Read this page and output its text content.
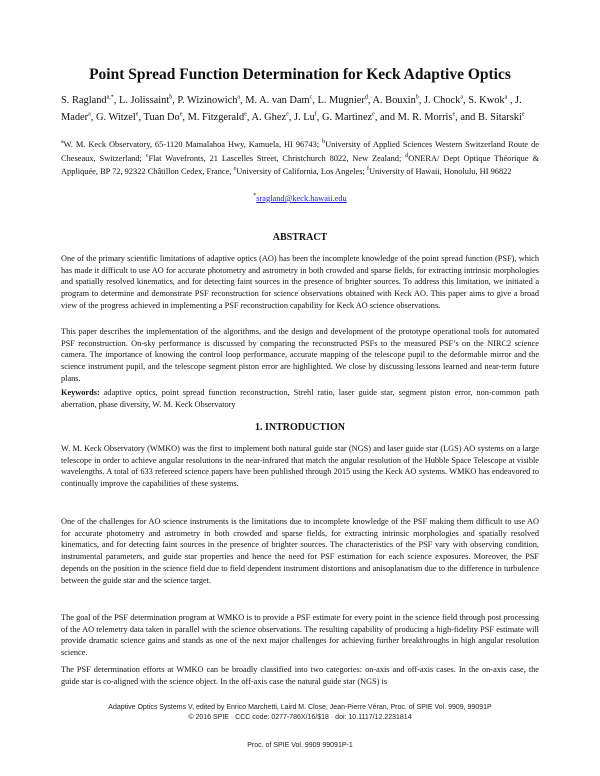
Point Spread Function Determination for Keck Adaptive Optics
S. Ragland$^{a,*}$, L. Jolissaint$^b$, P. Wizinowich$^a$, M. A. van Dam$^c$, L. Mugnier$^d$, A. Bouxin$^b$, J. Chock$^a$, S. Kwok$^a$ , J. Mader$^a$, G. Witzel$^e$, Tuan Do$^e$, M. Fitzgerald$^e$, A. Ghez$^e$, J. Lu$^f$, G. Martinez$^e$, and M. R. Morris$^e$, and B. Sitarski$^e$
$^a$W. M. Keck Observatory, 65-1120 Mamalahoa Hwy, Kamuela, HI 96743; $^b$University of Applied Sciences Western Switzerland Route de Cheseaux, Switzerland; $^c$Flat Wavefronts, 21 Lascelles Street, Christchurch 8022, New Zealand; $^d$ONERA/ Dept Optique Théorique & Appliquée, BP 72, 92322 Châtillon Cedex, France, $^e$University of California, Los Angeles; $^f$University of Hawaii, Honolulu, HI 96822
*sragland@keck.hawaii.edu
ABSTRACT
One of the primary scientific limitations of adaptive optics (AO) has been the incomplete knowledge of the point spread function (PSF), which has made it difficult to use AO for accurate photometry and astrometry in both crowded and sparse fields, for extracting intrinsic morphologies and spatially resolved kinematics, and for detecting faint sources in the presence of brighter sources. To address this limitation, we initiated a program to determine and demonstrate PSF reconstruction for science observations obtained with Keck AO. This paper aims to give a broad view of the progress achieved in implementing a PSF reconstruction capability for Keck AO science observations.
This paper describes the implementation of the algorithms, and the design and development of the prototype operational tools for automated PSF reconstruction. On-sky performance is discussed by comparing the reconstructed PSFs to the measured PSF’s on the NIRC2 science camera. The importance of knowing the control loop performance, accurate mapping of the telescope pupil to the deformable mirror and the science instrument pupil, and the telescope segment piston error are highlighted. We close by discussing lessons learned and near-term future plans.
Keywords: adaptive optics, point spread function reconstruction, Strehl ratio, laser guide star, segment piston error, non-common path aberration, phase diversity, W. M. Keck Observatory
1. INTRODUCTION
W. M. Keck Observatory (WMKO) was the first to implement both natural guide star (NGS) and laser guide star (LGS) AO systems on a large telescope in order to achieve angular resolutions in the near-infrared that match the angular resolution of the Hubble Space Telescope at visible wavelengths. A total of 633 refereed science papers have been published through 2015 using the Keck AO systems. WMKO has endeavored to continually improve the capabilities of these systems.
One of the challenges for AO science instruments is the limitations due to incomplete knowledge of the PSF making them difficult to use AO for accurate photometry and astrometry in both crowded and sparse fields, for extracting intrinsic morphologies and spatially resolved kinematics, and for detecting faint sources in the presence of brighter sources. The characteristics of the PSF vary with observing condition, instrumental parameters, and guide star properties and hence the need for PSF estimation for each science exposures. Moreover, the PSF depends on the position in the science field due to field dependent instrument distortions and anisoplanatism due to the difference in turbulence between the guide star and the science target.
The goal of the PSF determination program at WMKO is to provide a PSF estimate for every point in the science field through post processing of the AO telemetry data taken in parallel with the science observations. The resulting capability of producing a high-fidelity PSF estimate will provide dramatic science gains and stands as one of the next major challenges for achieving further breakthroughs in high angular resolution science.
The PSF determination efforts at WMKO can be broadly classified into two categories: on-axis and off-axis cases. In the on-axis case, the guide star is co-aligned with the science object. In the off-axis case the natural guide star (NGS) is
Adaptive Optics Systems V, edited by Enrico Marchetti, Laird M. Close, Jean-Pierre Véran, Proc. of SPIE Vol. 9909, 99091P
© 2016 SPIE · CCC code: 0277-786X/16/$18 · doi: 10.1117/12.2231814
Proc. of SPIE Vol. 9909 99091P-1
